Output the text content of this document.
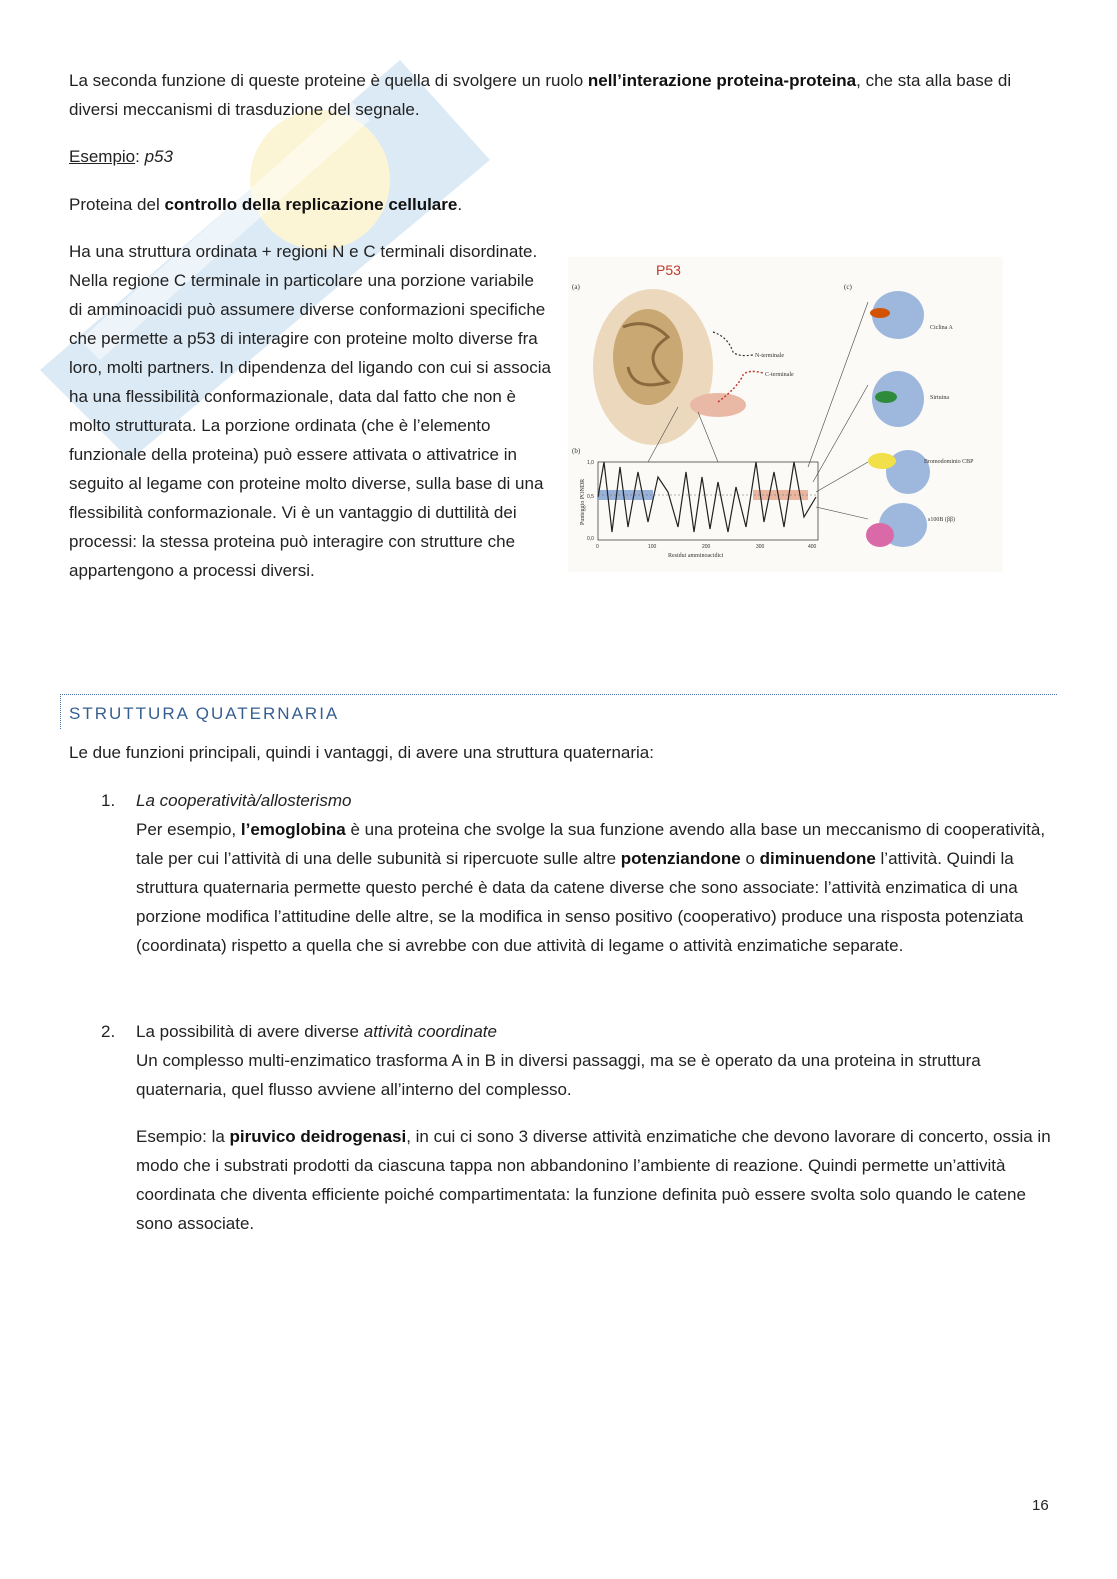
La seconda funzione di queste proteine è quella di svolgere un ruolo nell’interazione proteina-proteina, che sta alla base di diversi meccanismi di trasduzione del segnale.

Esempio: p53

Proteina del controllo della replicazione cellulare.

Ha una struttura ordinata + regioni N e C terminali disordinate. Nella regione C terminale in particolare una porzione variabile di amminoacidi può assumere diverse conformazioni specifiche che permette a p53 di interagire con proteine molto diverse fra loro, molti partners. In dipendenza del ligando con cui si associa ha una flessibilità conformazionale, data dal fatto che non è molto strutturata. La porzione ordinata (che è l’elemento funzionale della proteina) può essere attivata o attivatrice in seguito al legame con proteine molto diverse, sulla base di una flessibilità conformazionale. Vi è un vantaggio di duttilità dei processi: la stessa proteina può interagire con strutture che appartengono a processi diversi.

P53
(a)	(c)
(b)
N-terminale
C-terminale
Punteggio PONDR
1,0
0,5
0,0
0	100	200	300	400
Residui amminoacidici
Ciclina A
Sirtuina
Bromodominio CBP
s100B (ββ)
STRUTTURA QUATERNARIA

Le due funzioni principali, quindi i vantaggi, di avere una struttura quaternaria:

1. La cooperatività/allosterismo

Per esempio, l’emoglobina è una proteina che svolge la sua funzione avendo alla base un meccanismo di cooperatività, tale per cui l’attività di una delle subunità si ripercuote sulle altre potenziandone o diminuendone l’attività. Quindi la struttura quaternaria permette questo perché è data da catene diverse che sono associate: l’attività enzimatica di una porzione modifica l’attitudine delle altre, se la modifica in senso positivo (cooperativo) produce una risposta potenziata (coordinata) rispetto a quella che si avrebbe con due attività di legame o attività enzimatiche separate.

2. La possibilità di avere diverse attività coordinate

Un complesso multi-enzimatico trasforma A in B in diversi passaggi, ma se è operato da una proteina in struttura quaternaria, quel flusso avviene all’interno del complesso.

Esempio: la piruvico deidrogenasi, in cui ci sono 3 diverse attività enzimatiche che devono lavorare di concerto, ossia in modo che i substrati prodotti da ciascuna tappa non abbandonino l’ambiente di reazione. Quindi permette un’attività coordinata che diventa efficiente poiché compartimentata: la funzione definita può essere svolta solo quando le catene sono associate.

16
